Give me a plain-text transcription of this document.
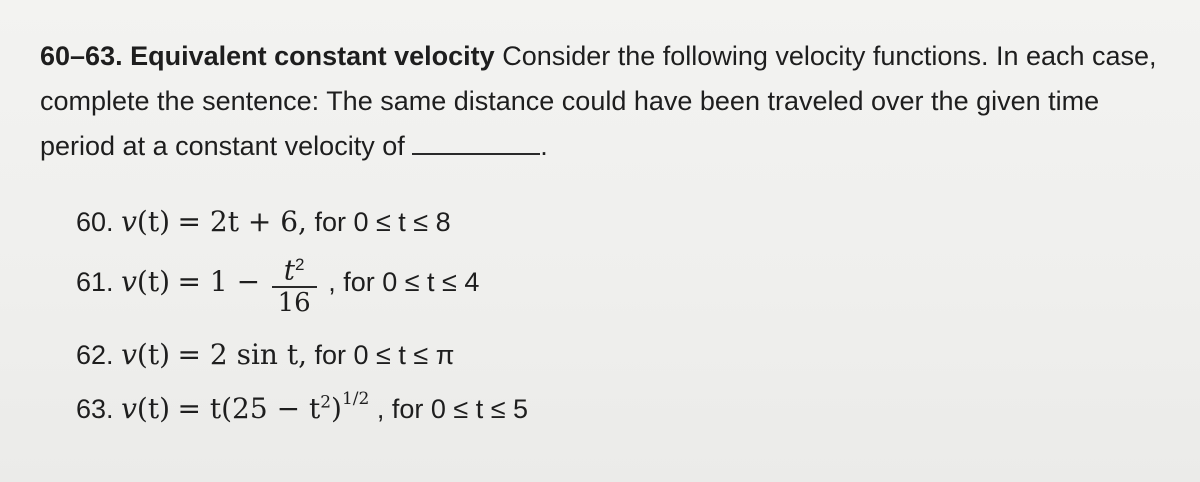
60–63. Equivalent constant velocity Consider the following velocity functions. In each case, complete the sentence: The same distance could have been traveled over the given time period at a constant velocity of	.
60. v(t) = 2t + 6, for 0 ≤ t ≤ 8
61. $v(t) = 1 - \frac{t^2}{16}$ , for 0 ≤ t ≤ 4
62. v(t) = 2 sin t, for 0 ≤ t ≤ π
63. $v(t) = t(25 - t^2)^{1/2}$ , for 0 ≤ t ≤ 5
